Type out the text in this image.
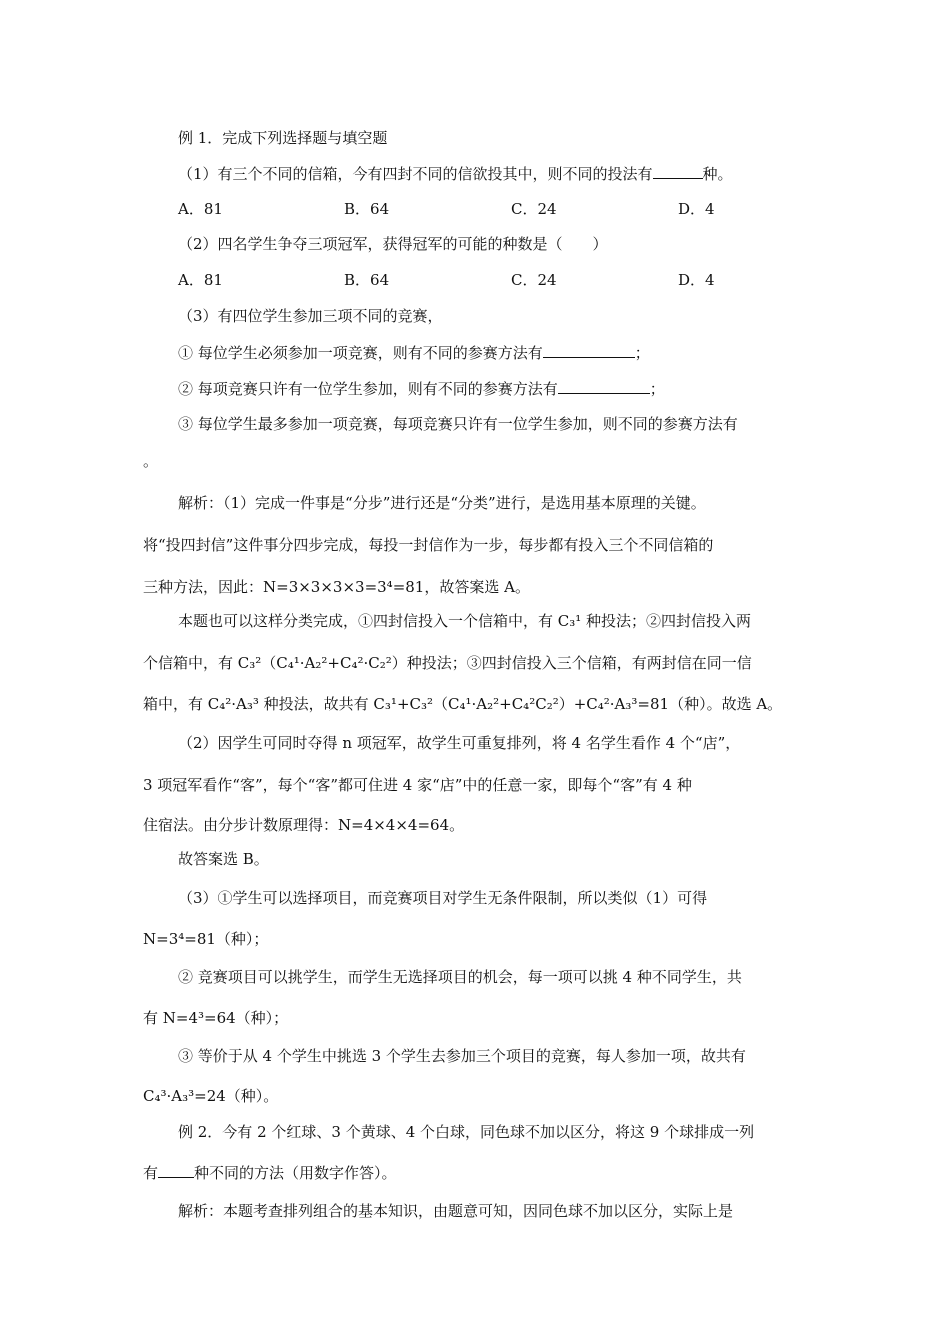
例 1．完成下列选择题与填空题
（1）有三个不同的信箱，今有四封不同的信欲投其中，则不同的投法有	种。
A．81	B．64	C．24	D．4
（2）四名学生争夺三项冠军，获得冠军的可能的种数是（　　）
A．81	B．64	C．24	D．4
（3）有四位学生参加三项不同的竞赛，
① 每位学生必须参加一项竞赛，则有不同的参赛方法有	；
② 每项竞赛只许有一位学生参加，则有不同的参赛方法有	；
③ 每位学生最多参加一项竞赛，每项竞赛只许有一位学生参加，则不同的参赛方法有
。
解析：（1）完成一件事是“分步”进行还是“分类”进行，是选用基本原理的关键。
将“投四封信”这件事分四步完成，每投一封信作为一步，每步都有投入三个不同信箱的
三种方法，因此：N=3×3×3×3=3⁴=81，故答案选 A。
本题也可以这样分类完成，①四封信投入一个信箱中，有 C₃¹ 种投法；②四封信投入两
个信箱中，有 C₃²（C₄¹·A₂²+C₄²·C₂²）种投法；③四封信投入三个信箱，有两封信在同一信
箱中，有 C₄²·A₃³ 种投法，故共有 C₃¹+C₃²（C₄¹·A₂²+C₄²C₂²）+C₄²·A₃³=81（种）。故选 A。
（2）因学生可同时夺得 n 项冠军，故学生可重复排列，将 4 名学生看作 4 个“店”，
3 项冠军看作“客”，每个“客”都可住进 4 家“店”中的任意一家，即每个“客”有 4 种
住宿法。由分步计数原理得：N=4×4×4=64。
故答案选 B。
（3）①学生可以选择项目，而竞赛项目对学生无条件限制，所以类似（1）可得
N=3⁴=81（种）；
② 竞赛项目可以挑学生，而学生无选择项目的机会，每一项可以挑 4 种不同学生，共
有 N=4³=64（种）；
③ 等价于从 4 个学生中挑选 3 个学生去参加三个项目的竞赛，每人参加一项，故共有
C₄³·A₃³=24（种）。
例 2．今有 2 个红球、3 个黄球、4 个白球，同色球不加以区分，将这 9 个球排成一列
有 种不同的方法（用数字作答）。
解析：本题考查排列组合的基本知识，由题意可知，因同色球不加以区分，实际上是
